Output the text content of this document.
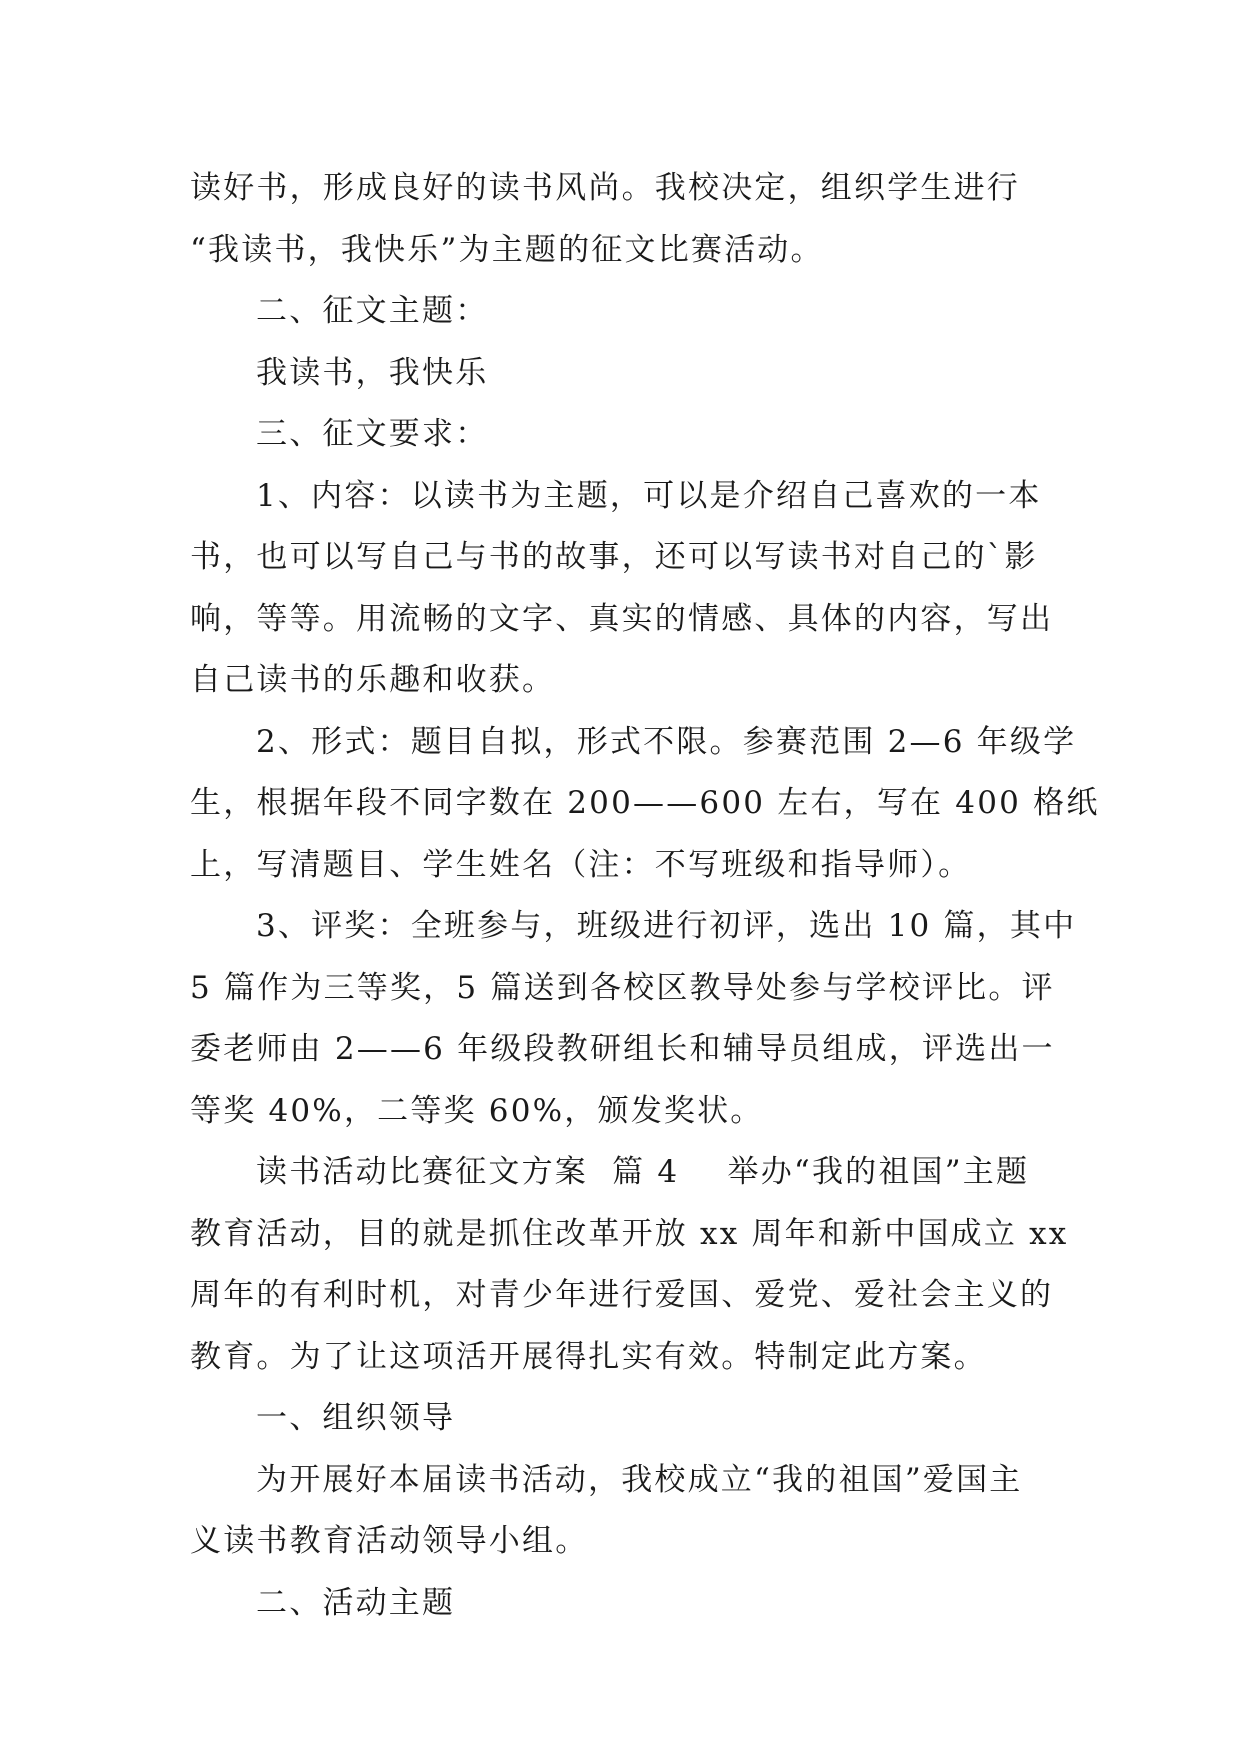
读好书，形成良好的读书风尚。我校决定，组织学生进行

“我读书，我快乐”为主题的征文比赛活动。

二、征文主题：

我读书，我快乐

三、征文要求：

1、内容：以读书为主题，可以是介绍自己喜欢的一本

书，也可以写自己与书的故事，还可以写读书对自己的`影

响，等等。用流畅的文字、真实的情感、具体的内容，写出

自己读书的乐趣和收获。

2、形式：题目自拟，形式不限。参赛范围 2—6 年级学

生，根据年段不同字数在 200——600 左右，写在 400 格纸

上，写清题目、学生姓名（注：不写班级和指导师）。

3、评奖：全班参与，班级进行初评，选出 10 篇，其中

5 篇作为三等奖，5 篇送到各校区教导处参与学校评比。评

委老师由 2——6 年级段教研组长和辅导员组成，评选出一

等奖 40%，二等奖 60%，颁发奖状。

读书活动比赛征文方案  篇 4    举办“我的祖国”主题

教育活动，目的就是抓住改革开放 xx 周年和新中国成立 xx

周年的有利时机，对青少年进行爱国、爱党、爱社会主义的

教育。为了让这项活开展得扎实有效。特制定此方案。

一、组织领导

为开展好本届读书活动，我校成立“我的祖国”爱国主

义读书教育活动领导小组。

二、活动主题
